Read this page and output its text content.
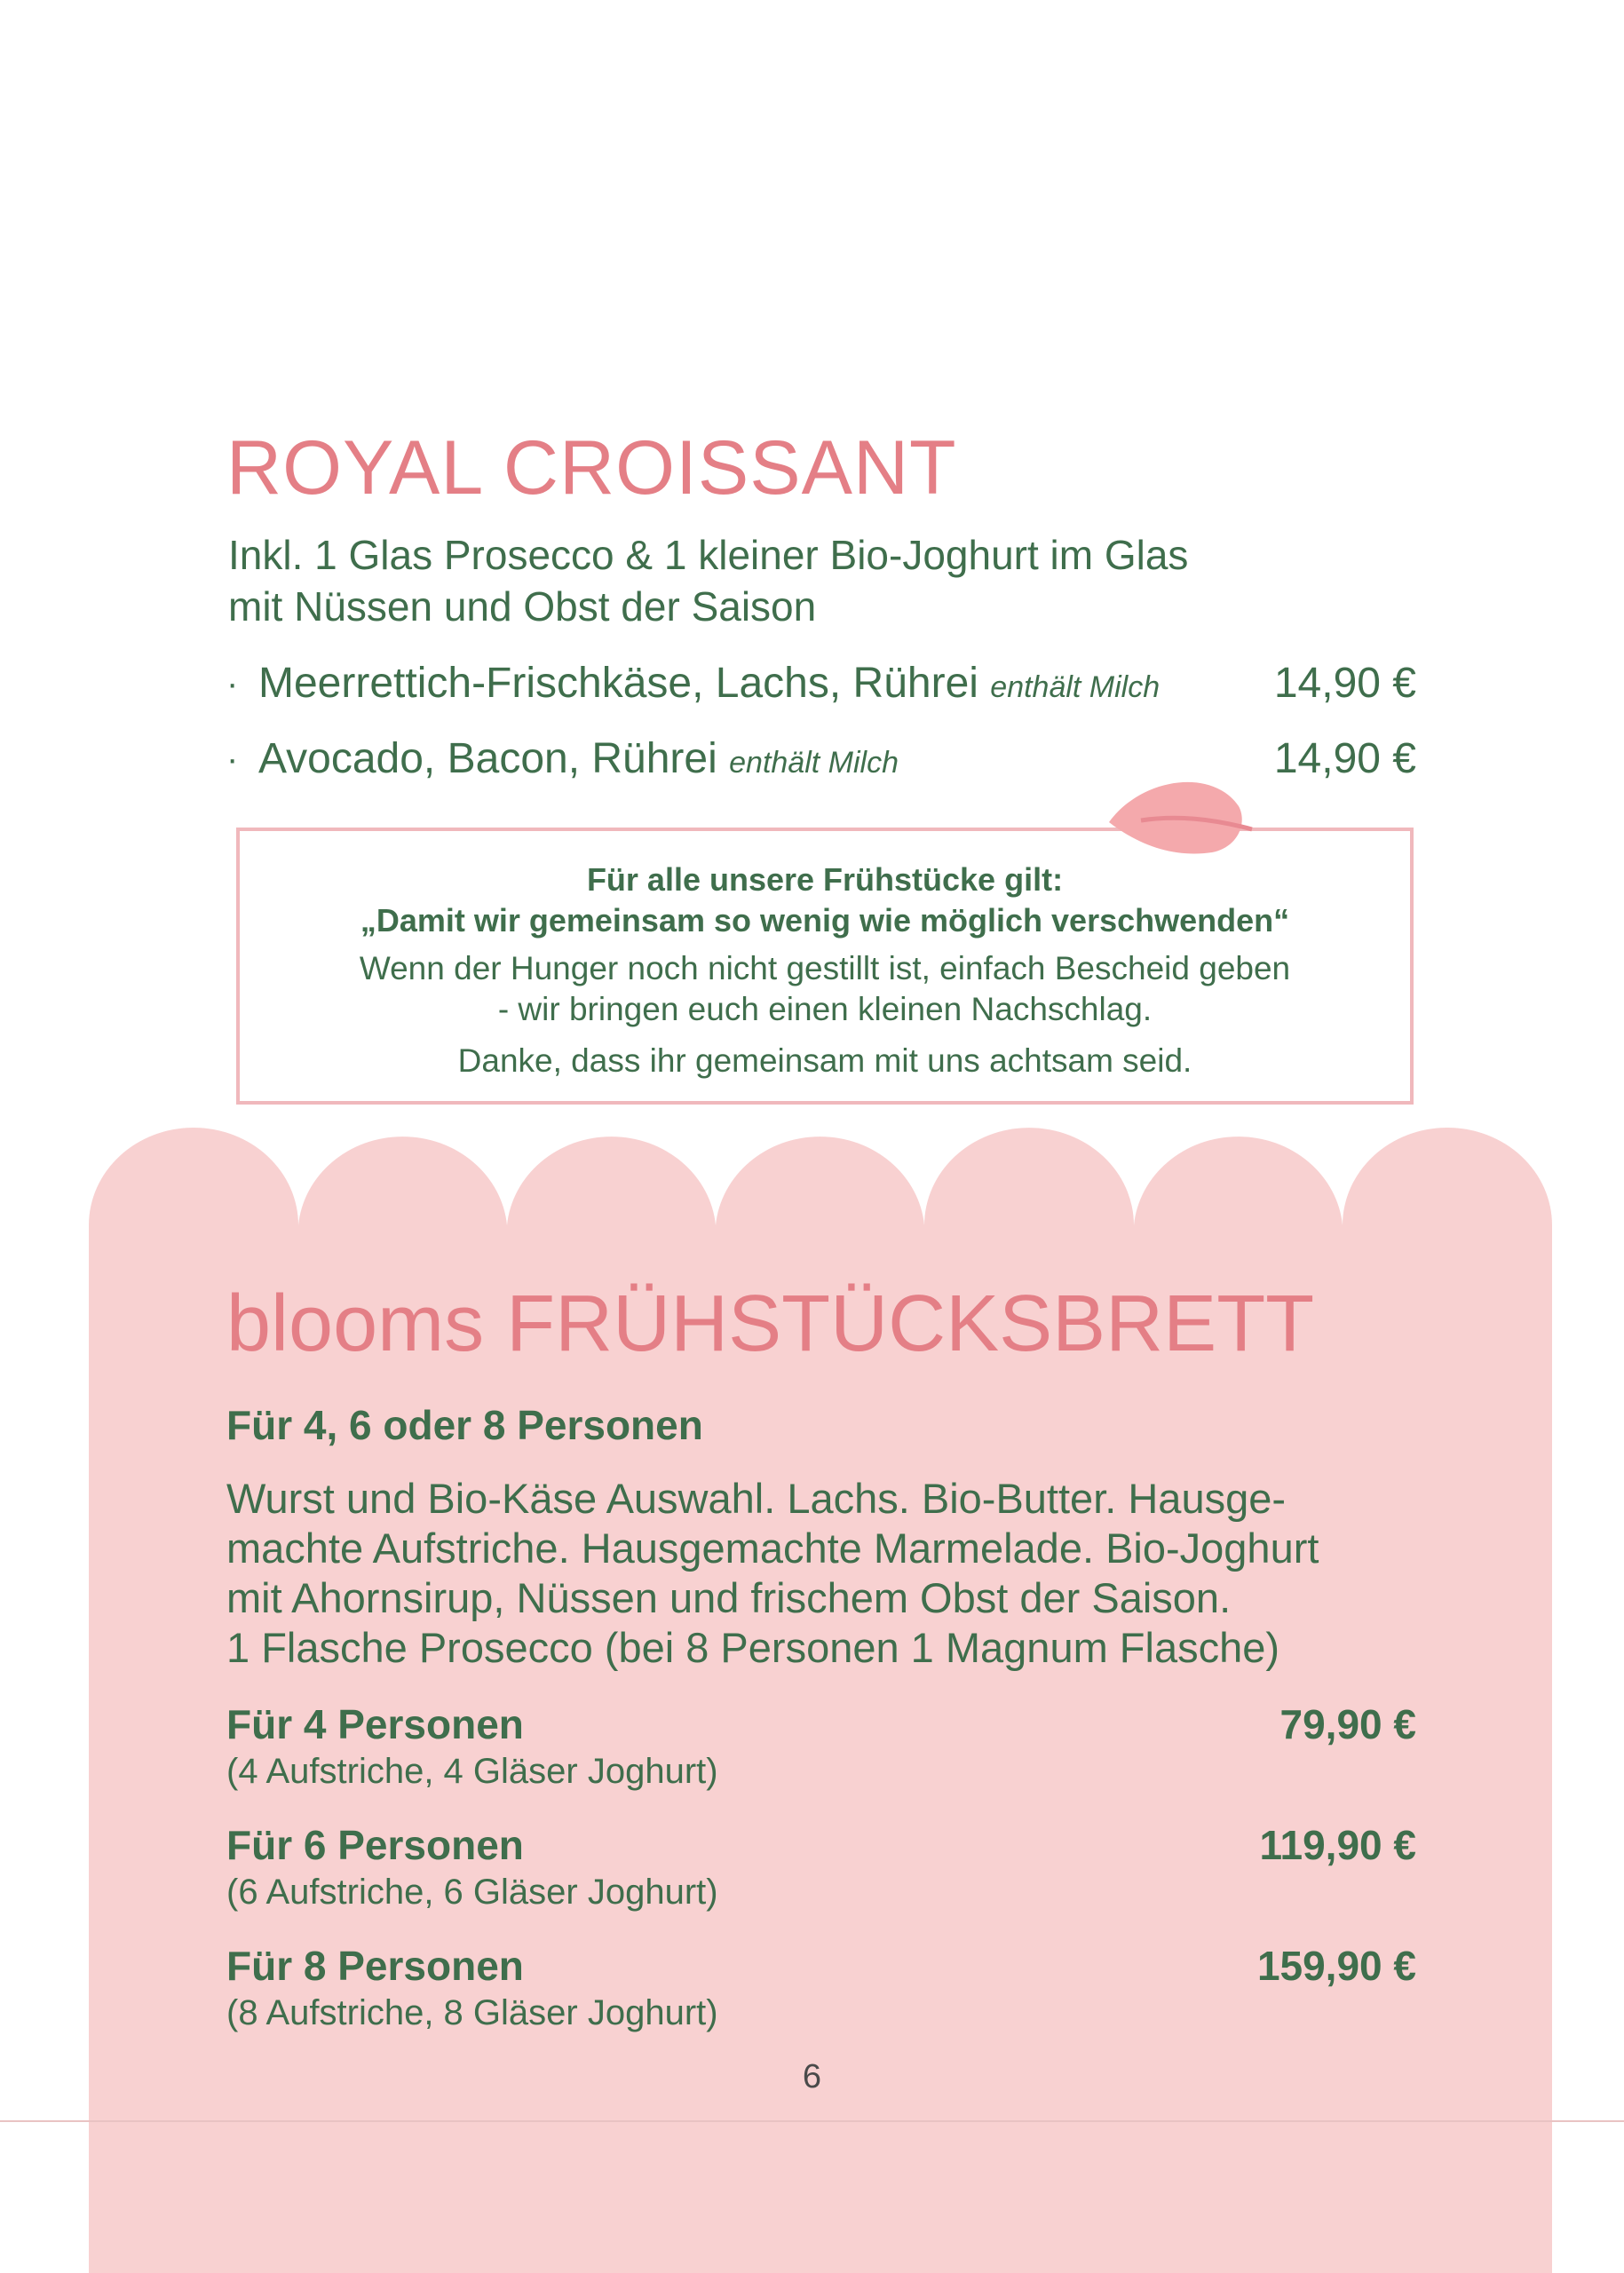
ROYAL CROISSANT
Inkl. 1 Glas Prosecco & 1 kleiner Bio-Joghurt im Glas
mit Nüssen und Obst der Saison
· Meerrettich-Frischkäse, Lachs, Rührei enthält Milch	14,90 €
· Avocado, Bacon, Rührei enthält Milch	14,90 €
Für alle unsere Frühstücke gilt:
„Damit wir gemeinsam so wenig wie möglich verschwenden“
Wenn der Hunger noch nicht gestillt ist, einfach Bescheid geben
- wir bringen euch einen kleinen Nachschlag.
Danke, dass ihr gemeinsam mit uns achtsam seid.
blooms FRÜHSTÜCKSBRETT
Für 4, 6 oder 8 Personen
Wurst und Bio-Käse Auswahl. Lachs. Bio-Butter. Hausge-
machte Aufstriche. Hausgemachte Marmelade. Bio-Joghurt
mit Ahornsirup, Nüssen und frischem Obst der Saison.
1 Flasche Prosecco (bei 8 Personen 1 Magnum Flasche)
Für 4 Personen
(4 Aufstriche, 4 Gläser Joghurt)
79,90 €
Für 6 Personen
(6 Aufstriche, 6 Gläser Joghurt)
119,90 €
Für 8 Personen
(8 Aufstriche, 8 Gläser Joghurt)
159,90 €
6
